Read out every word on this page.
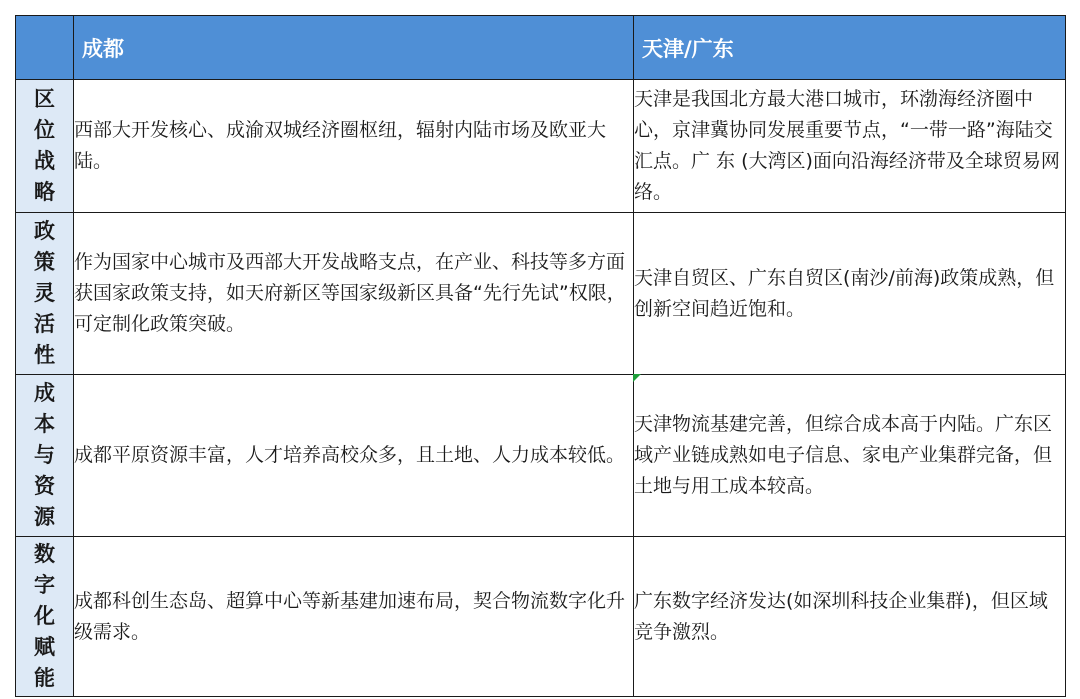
	成都	天津/广东

区位战略	西部大开发核心、成渝双城经济圈枢纽，辐射内陆市场及欧亚大陆。	天津是我国北方最大港口城市，环渤海经济圈中心，京津冀协同发展重要节点，“一带一路”海陆交汇点。广 东 (大湾区)面向沿海经济带及全球贸易网络。

政策灵活性	作为国家中心城市及西部大开发战略支点，在产业、科技等多方面获国家政策支持，如天府新区等国家级新区具备“先行先试”权限，可定制化政策突破。	天津自贸区、广东自贸区(南沙/前海)政策成熟，但创新空间趋近饱和。

成本与资源	成都平原资源丰富，人才培养高校众多，且土地、人力成本较低。	天津物流基建完善，但综合成本高于内陆。广东区域产业链成熟如电子信息、家电产业集群完备，但土地与用工成本较高。

数字化赋能	成都科创生态岛、超算中心等新基建加速布局，契合物流数字化升级需求。	广东数字经济发达(如深圳科技企业集群)，但区域竞争激烈。
